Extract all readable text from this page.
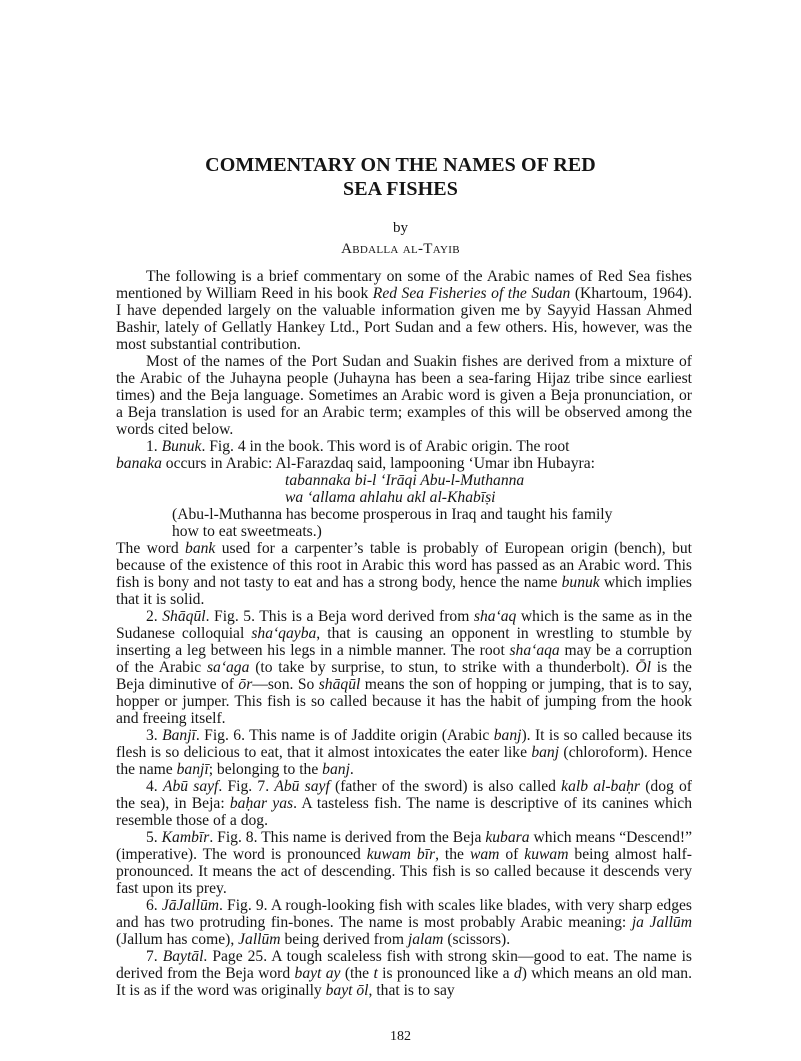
COMMENTARY ON THE NAMES OF RED
SEA FISHES
by
Abdalla al-Tayib

The following is a brief commentary on some of the Arabic names of Red Sea fishes mentioned by William Reed in his book Red Sea Fisheries of the Sudan (Khartoum, 1964). I have depended largely on the valuable information given me by Sayyid Hassan Ahmed Bashir, lately of Gellatly Hankey Ltd., Port Sudan and a few others. His, however, was the most substantial contribution.

Most of the names of the Port Sudan and Suakin fishes are derived from a mixture of the Arabic of the Juhayna people (Juhayna has been a sea-faring Hijaz tribe since earliest times) and the Beja language. Sometimes an Arabic word is given a Beja pronunciation, or a Beja translation is used for an Arabic term; examples of this will be observed among the words cited below.

1. Bunuk. Fig. 4 in the book. This word is of Arabic origin. The root

banaka occurs in Arabic: Al-Farazdaq said, lampooning ‘Umar ibn Hubayra:

tabannaka bi-l ‘Irāqi Abu-l-Muthanna
wa ‘allama ahlahu akl al-Khabīṣi
(Abu-l-Muthanna has become prosperous in Iraq and taught his family
how to eat sweetmeats.)

The word bank used for a carpenter’s table is probably of European origin (bench), but because of the existence of this root in Arabic this word has passed as an Arabic word. This fish is bony and not tasty to eat and has a strong body, hence the name bunuk which implies that it is solid.

2. Shāqūl. Fig. 5. This is a Beja word derived from sha‘aq which is the same as in the Sudanese colloquial sha‘qayba, that is causing an opponent in wrestling to stumble by inserting a leg between his legs in a nimble manner. The root sha‘aqa may be a corruption of the Arabic sa‘aga (to take by surprise, to stun, to strike with a thunderbolt). Ōl is the Beja diminutive of ōr—son. So shāqūl means the son of hopping or jumping, that is to say, hopper or jumper. This fish is so called because it has the habit of jumping from the hook and freeing itself.

3. Banjī. Fig. 6. This name is of Jaddite origin (Arabic banj). It is so called because its flesh is so delicious to eat, that it almost intoxicates the eater like banj (chloroform). Hence the name banjī; belonging to the banj.

4. Abū sayf. Fig. 7. Abū sayf (father of the sword) is also called kalb al-baḥr (dog of the sea), in Beja: baḥar yas. A tasteless fish. The name is descriptive of its canines which resemble those of a dog.

5. Kambīr. Fig. 8. This name is derived from the Beja kubara which means “Descend!” (imperative). The word is pronounced kuwam bīr, the wam of kuwam being almost half-pronounced. It means the act of descending. This fish is so called because it descends very fast upon its prey.

6. JāJallūm. Fig. 9. A rough-looking fish with scales like blades, with very sharp edges and has two protruding fin-bones. The name is most probably Arabic meaning: ja Jallūm (Jallum has come), Jallūm being derived from jalam (scissors).

7. Baytāl. Page 25. A tough scaleless fish with strong skin—good to eat. The name is derived from the Beja word bayt ay (the t is pronounced like a d) which means an old man. It is as if the word was originally bayt ōl, that is to say

182
